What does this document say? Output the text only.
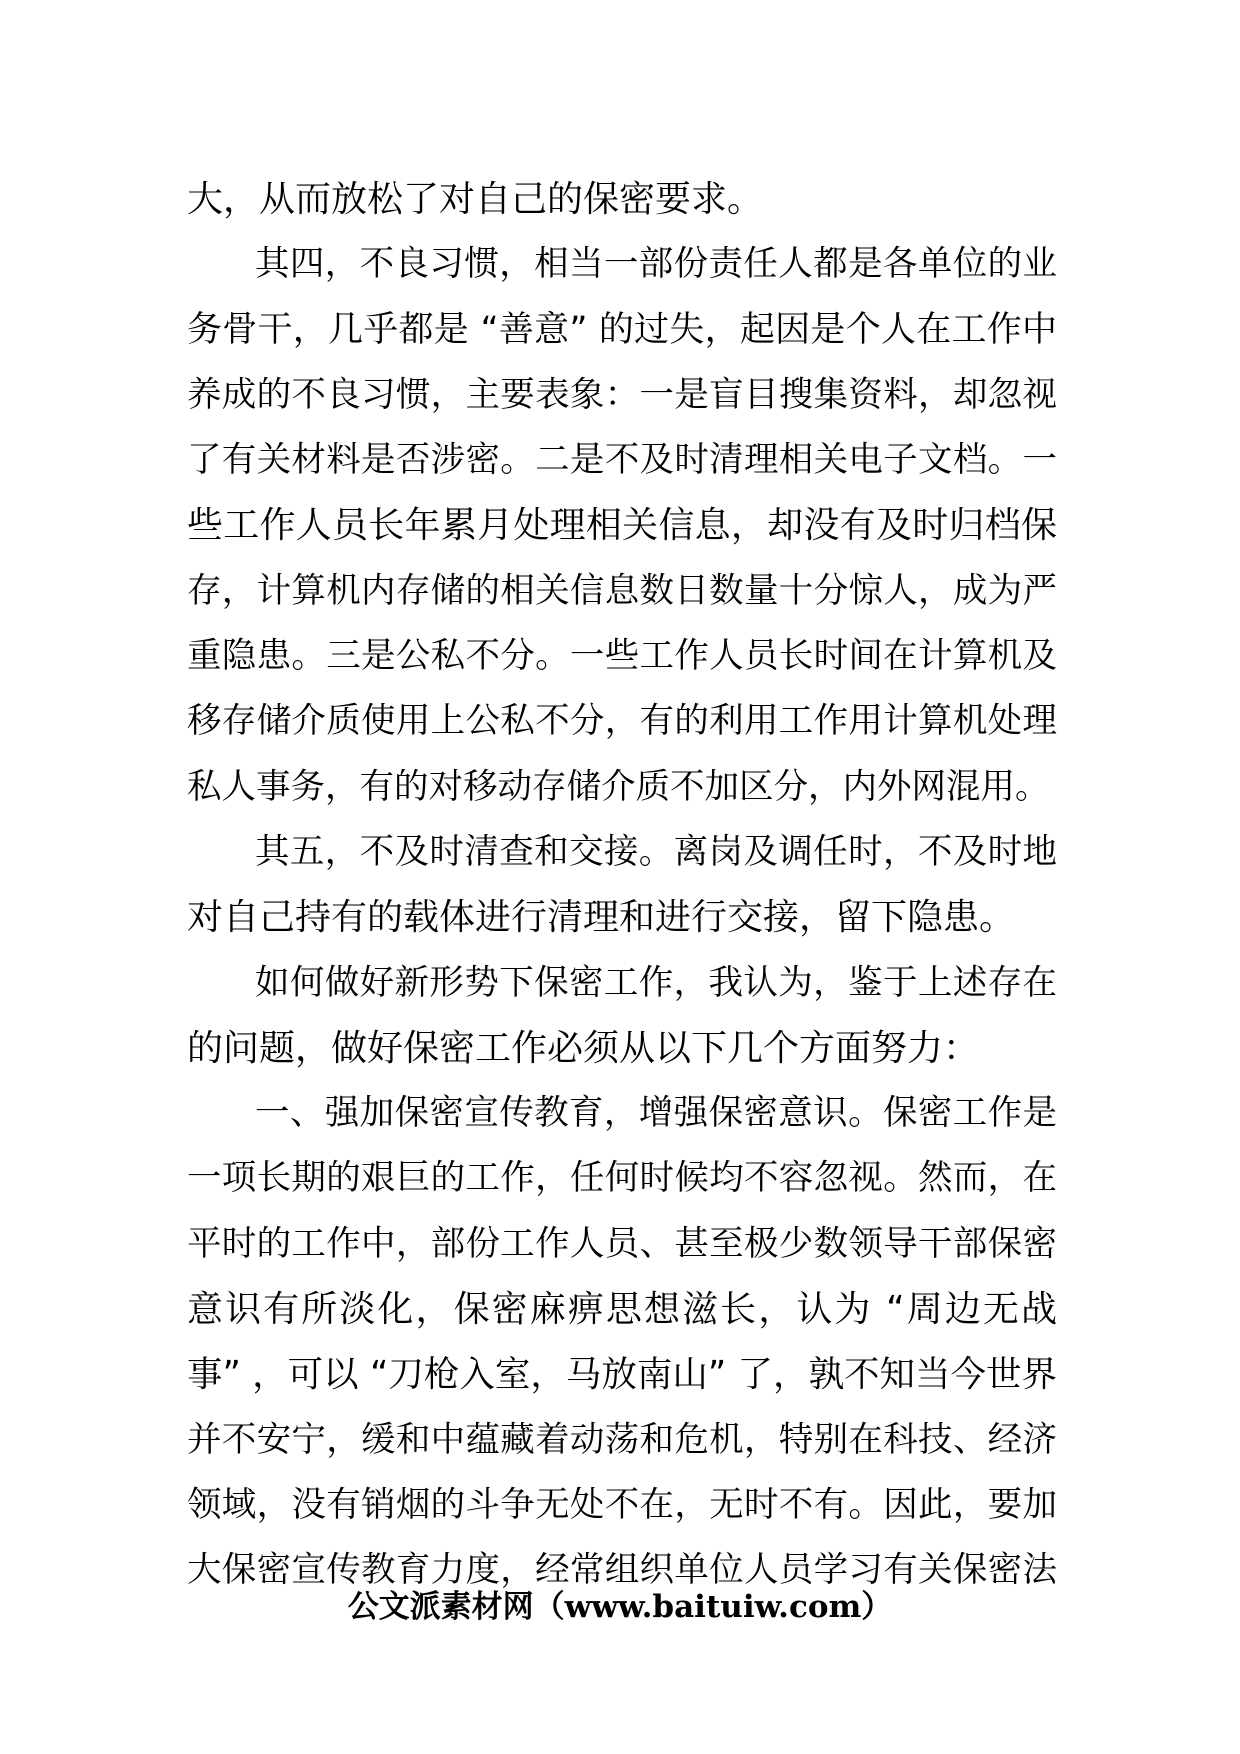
大，从而放松了对自己的保密要求。
其四，不良习惯，相当一部份责任人都是各单位的业
务骨干，几乎都是 “善意” 的过失，起因是个人在工作中
养成的不良习惯，主要表象：一是盲目搜集资料，却忽视
了有关材料是否涉密。二是不及时清理相关电子文档。一
些工作人员长年累月处理相关信息，却没有及时归档保
存，计算机内存储的相关信息数日数量十分惊人，成为严
重隐患。三是公私不分。一些工作人员长时间在计算机及
移存储介质使用上公私不分，有的利用工作用计算机处理
私人事务，有的对移动存储介质不加区分，内外网混用。
其五，不及时清查和交接。离岗及调任时，不及时地
对自己持有的载体进行清理和进行交接，留下隐患。
如何做好新形势下保密工作，我认为，鉴于上述存在
的问题，做好保密工作必须从以下几个方面努力：
一、强加保密宣传教育，增强保密意识。保密工作是
一项长期的艰巨的工作，任何时候均不容忽视。然而，在
平时的工作中，部份工作人员、甚至极少数领导干部保密
意识有所淡化，保密麻痹思想滋长，认为 “周边无战
事” ，可以 “刀枪入室，马放南山” 了，孰不知当今世界
并不安宁，缓和中蕴藏着动荡和危机，特别在科技、经济
领域，没有销烟的斗争无处不在，无时不有。因此，要加
大保密宣传教育力度，经常组织单位人员学习有关保密法
公文派素材网（www.baituiw.com）
